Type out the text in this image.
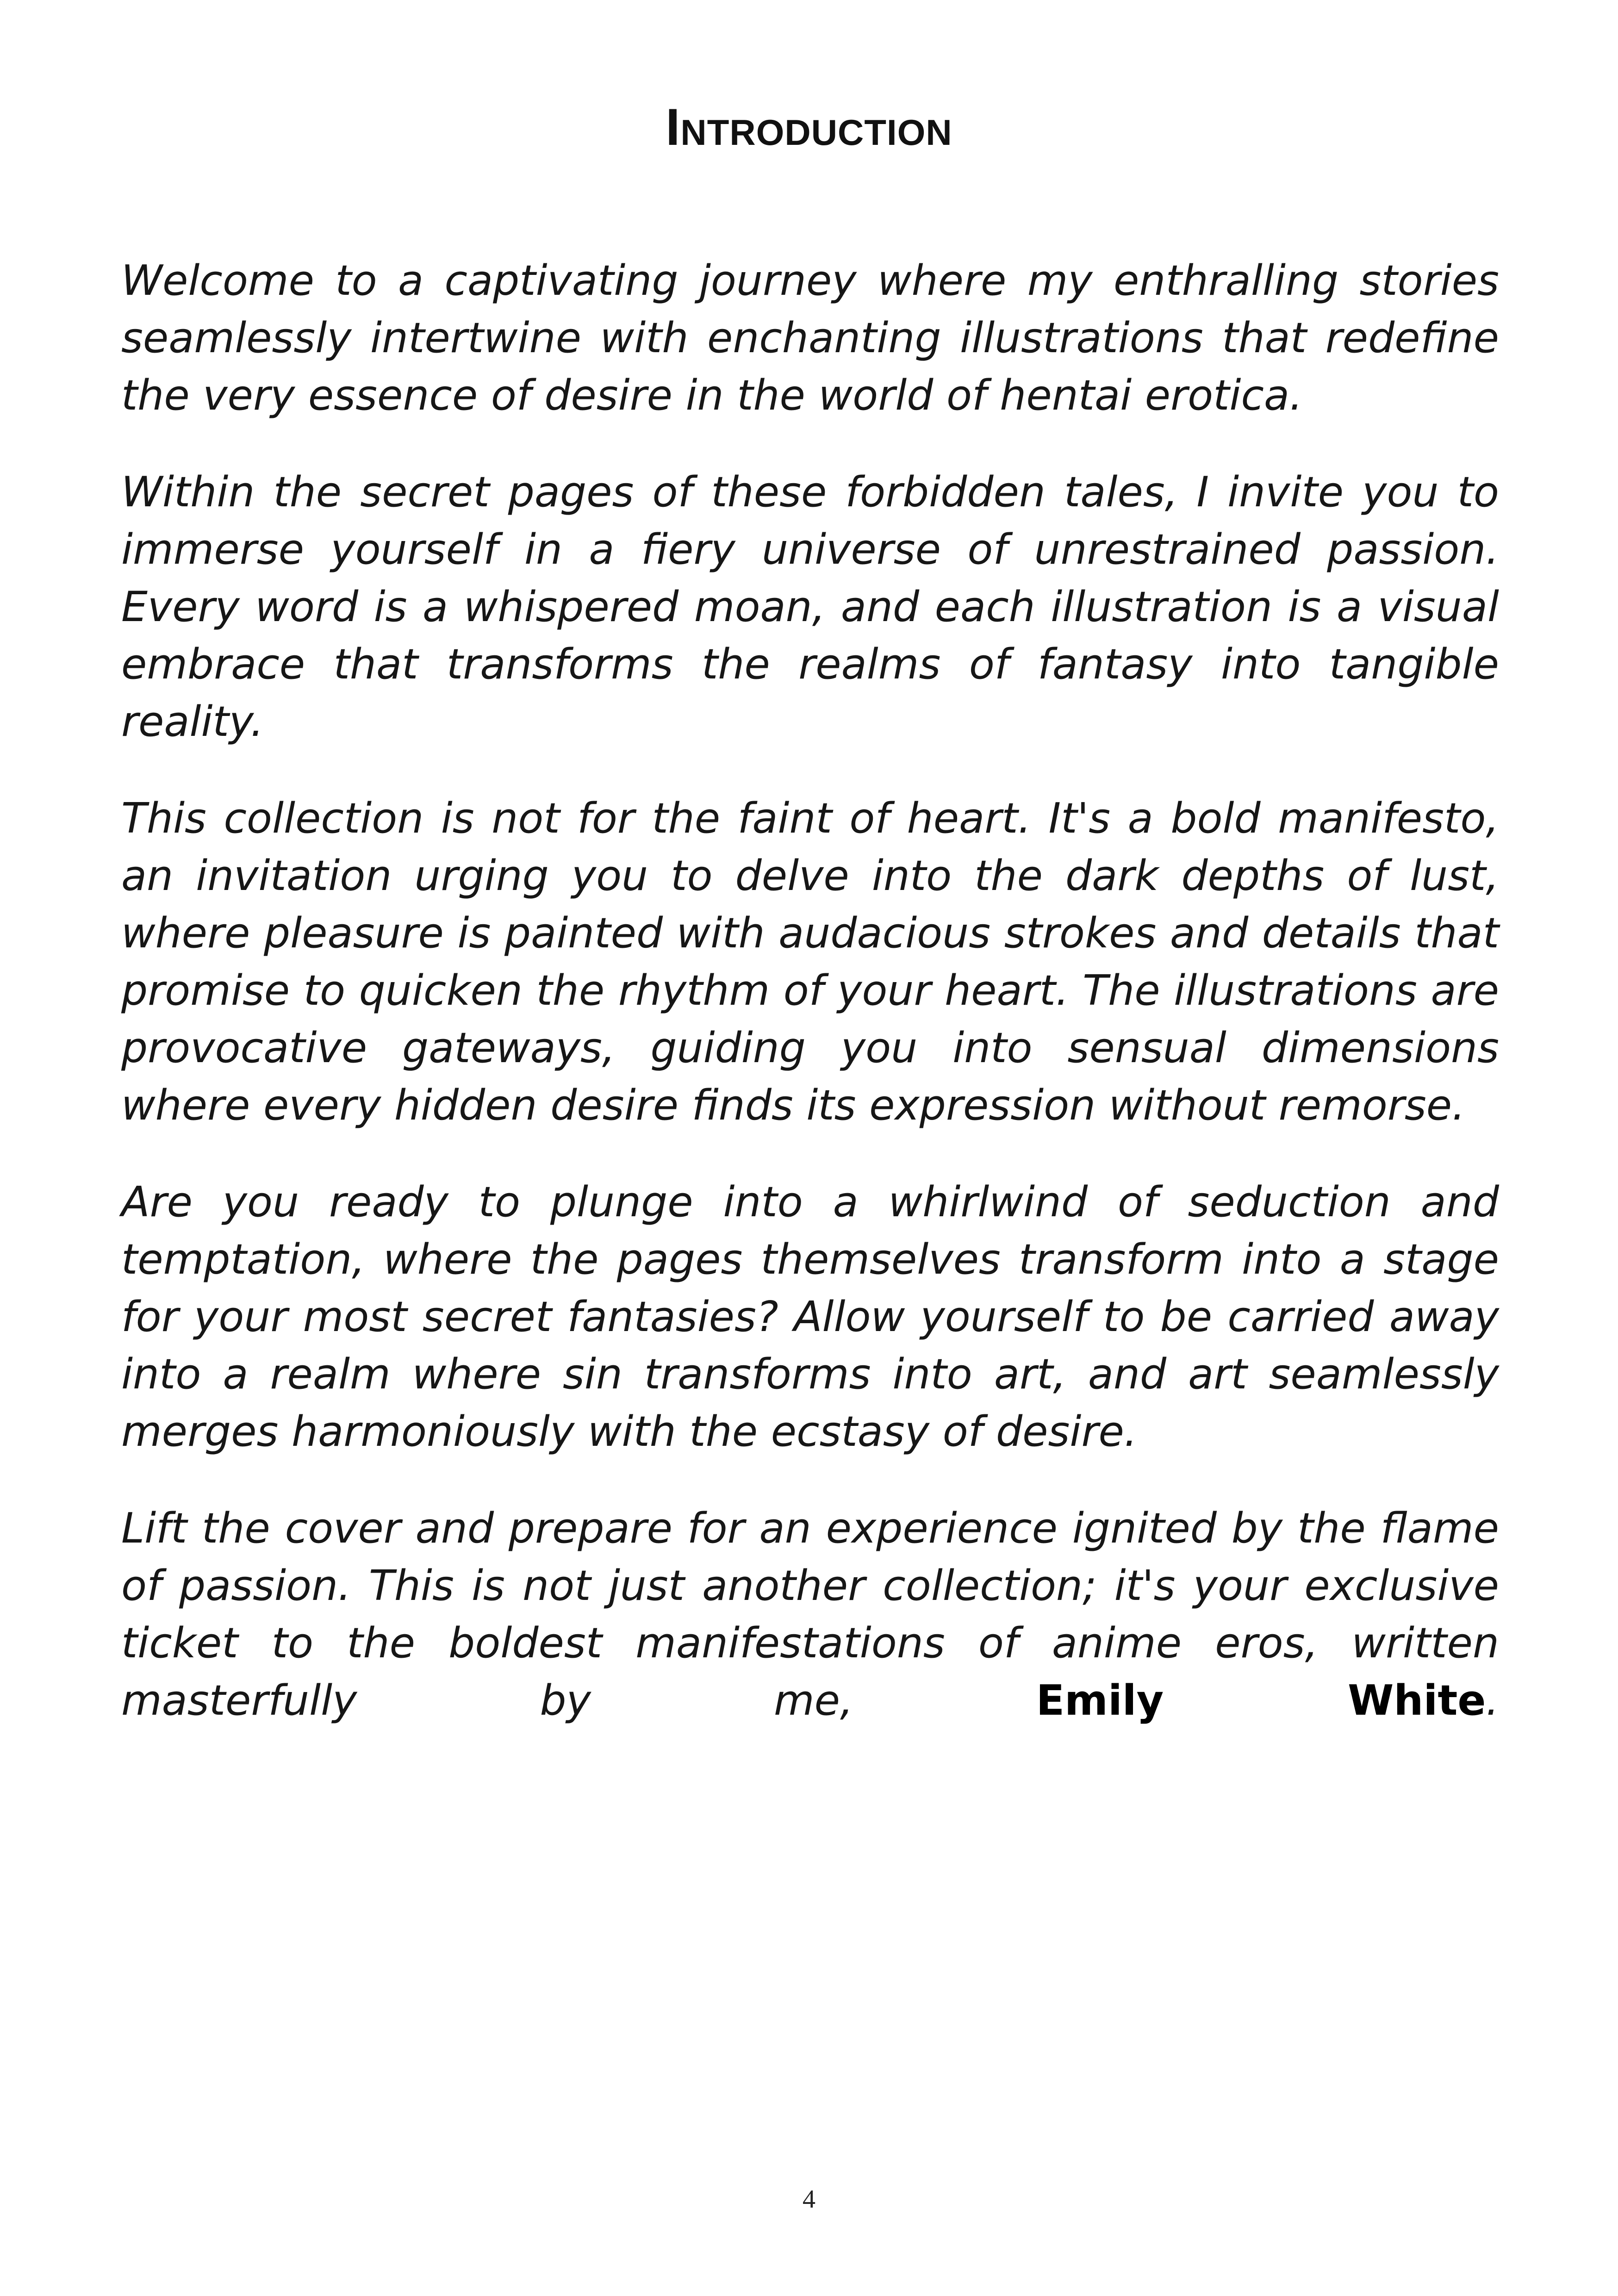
Introduction

Welcome to a captivating journey where my enthralling stories seamlessly intertwine with enchanting illustrations that redefine the very essence of desire in the world of hentai erotica.

Within the secret pages of these forbidden tales, I invite you to immerse yourself in a fiery universe of unrestrained passion. Every word is a whispered moan, and each illustration is a visual embrace that transforms the realms of fantasy into tangible reality.

This collection is not for the faint of heart. It's a bold manifesto, an invitation urging you to delve into the dark depths of lust, where pleasure is painted with audacious strokes and details that promise to quicken the rhythm of your heart. The illustrations are provocative gateways, guiding you into sensual dimensions where every hidden desire finds its expression without remorse.

Are you ready to plunge into a whirlwind of seduction and temptation, where the pages themselves transform into a stage for your most secret fantasies? Allow yourself to be carried away into a realm where sin transforms into art, and art seamlessly merges harmoniously with the ecstasy of desire.

Lift the cover and prepare for an experience ignited by the flame of passion. This is not just another collection; it's your exclusive ticket to the boldest manifestations of anime eros, written masterfully by me, Emily White.

4
